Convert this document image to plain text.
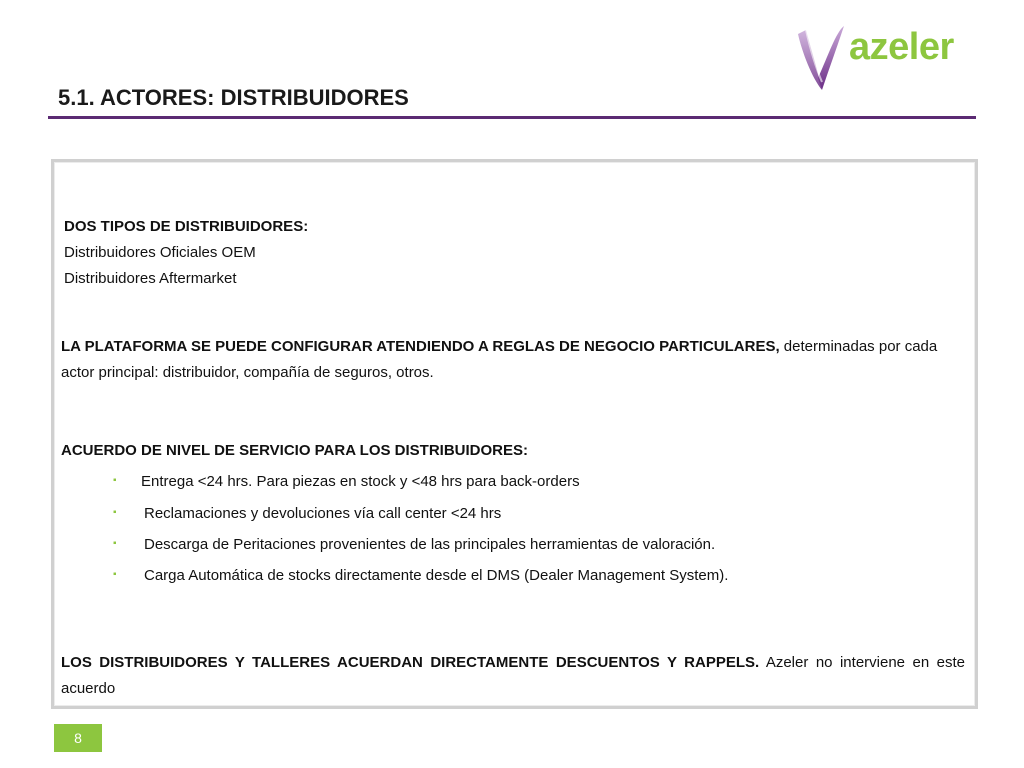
azeler
5.1. ACTORES: DISTRIBUIDORES
DOS TIPOS DE DISTRIBUIDORES:
Distribuidores Oficiales OEM
Distribuidores Aftermarket
LA PLATAFORMA SE PUEDE CONFIGURAR ATENDIENDO A REGLAS DE NEGOCIO PARTICULARES, determinadas por cada
actor principal: distribuidor, compañía de seguros, otros.
ACUERDO DE NIVEL DE SERVICIO PARA LOS DISTRIBUIDORES:
▪ Entrega <24 hrs. Para piezas en stock y <48 hrs para back-orders
▪ Reclamaciones y devoluciones vía call center <24 hrs
▪ Descarga de Peritaciones provenientes de las principales herramientas de valoración.
▪ Carga Automática de stocks directamente desde el DMS (Dealer Management System).
LOS DISTRIBUIDORES Y TALLERES ACUERDAN DIRECTAMENTE DESCUENTOS Y RAPPELS. Azeler no interviene en este
acuerdo
8
